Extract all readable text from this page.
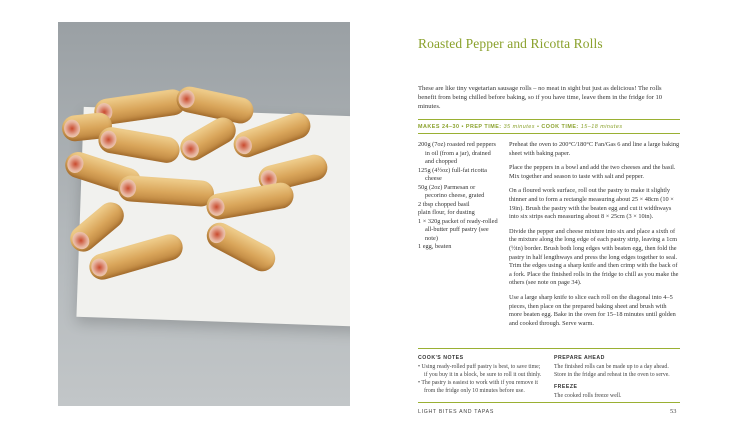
Roasted Pepper and Ricotta Rolls
These are like tiny vegetarian sausage rolls – no meat in sight but just as delicious! The rolls benefit from being chilled before baking, so if you have time, leave them in the fridge for 10 minutes.
MAKES 24–30 • PREP TIME: 35 minutes • COOK TIME: 15–18 minutes
200g (7oz) roasted red peppers in oil (from a jar), drained and chopped
125g (4½oz) full-fat ricotta cheese
50g (2oz) Parmesan or pecorino cheese, grated
2 tbsp chopped basil
plain flour, for dusting
1 × 320g packet of ready-rolled all-butter puff pastry (see note)
1 egg, beaten

Preheat the oven to 200°C/180°C Fan/Gas 6 and line a large baking sheet with baking paper.

Place the peppers in a bowl and add the two cheeses and the basil. Mix together and season to taste with salt and pepper.

On a floured work surface, roll out the pastry to make it slightly thinner and to form a rectangle measuring about 25 × 48cm (10 × 19in). Brush the pastry with the beaten egg and cut it widthways into six strips each measuring about 8 × 25cm (3 × 10in).

Divide the pepper and cheese mixture into six and place a sixth of the mixture along the long edge of each pastry strip, leaving a 1cm (½in) border. Brush both long edges with beaten egg, then fold the pastry in half lengthways and press the long edges together to seal. Trim the edges using a sharp knife and then crimp with the back of a fork. Place the finished rolls in the fridge to chill as you make the others (see note on page 34).

Use a large sharp knife to slice each roll on the diagonal into 4–5 pieces, then place on the prepared baking sheet and brush with more beaten egg. Bake in the oven for 15–18 minutes until golden and cooked through. Serve warm.

COOK'S NOTES
• Using ready-rolled puff pastry is best, to save time; if you buy it in a block, be sure to roll it out thinly.
• The pastry is easiest to work with if you remove it from the fridge only 10 minutes before use.
PREPARE AHEAD
The finished rolls can be made up to a day ahead. Store in the fridge and reheat in the oven to serve.
FREEZE
The cooked rolls freeze well.
LIGHT BITES AND TAPAS	53
